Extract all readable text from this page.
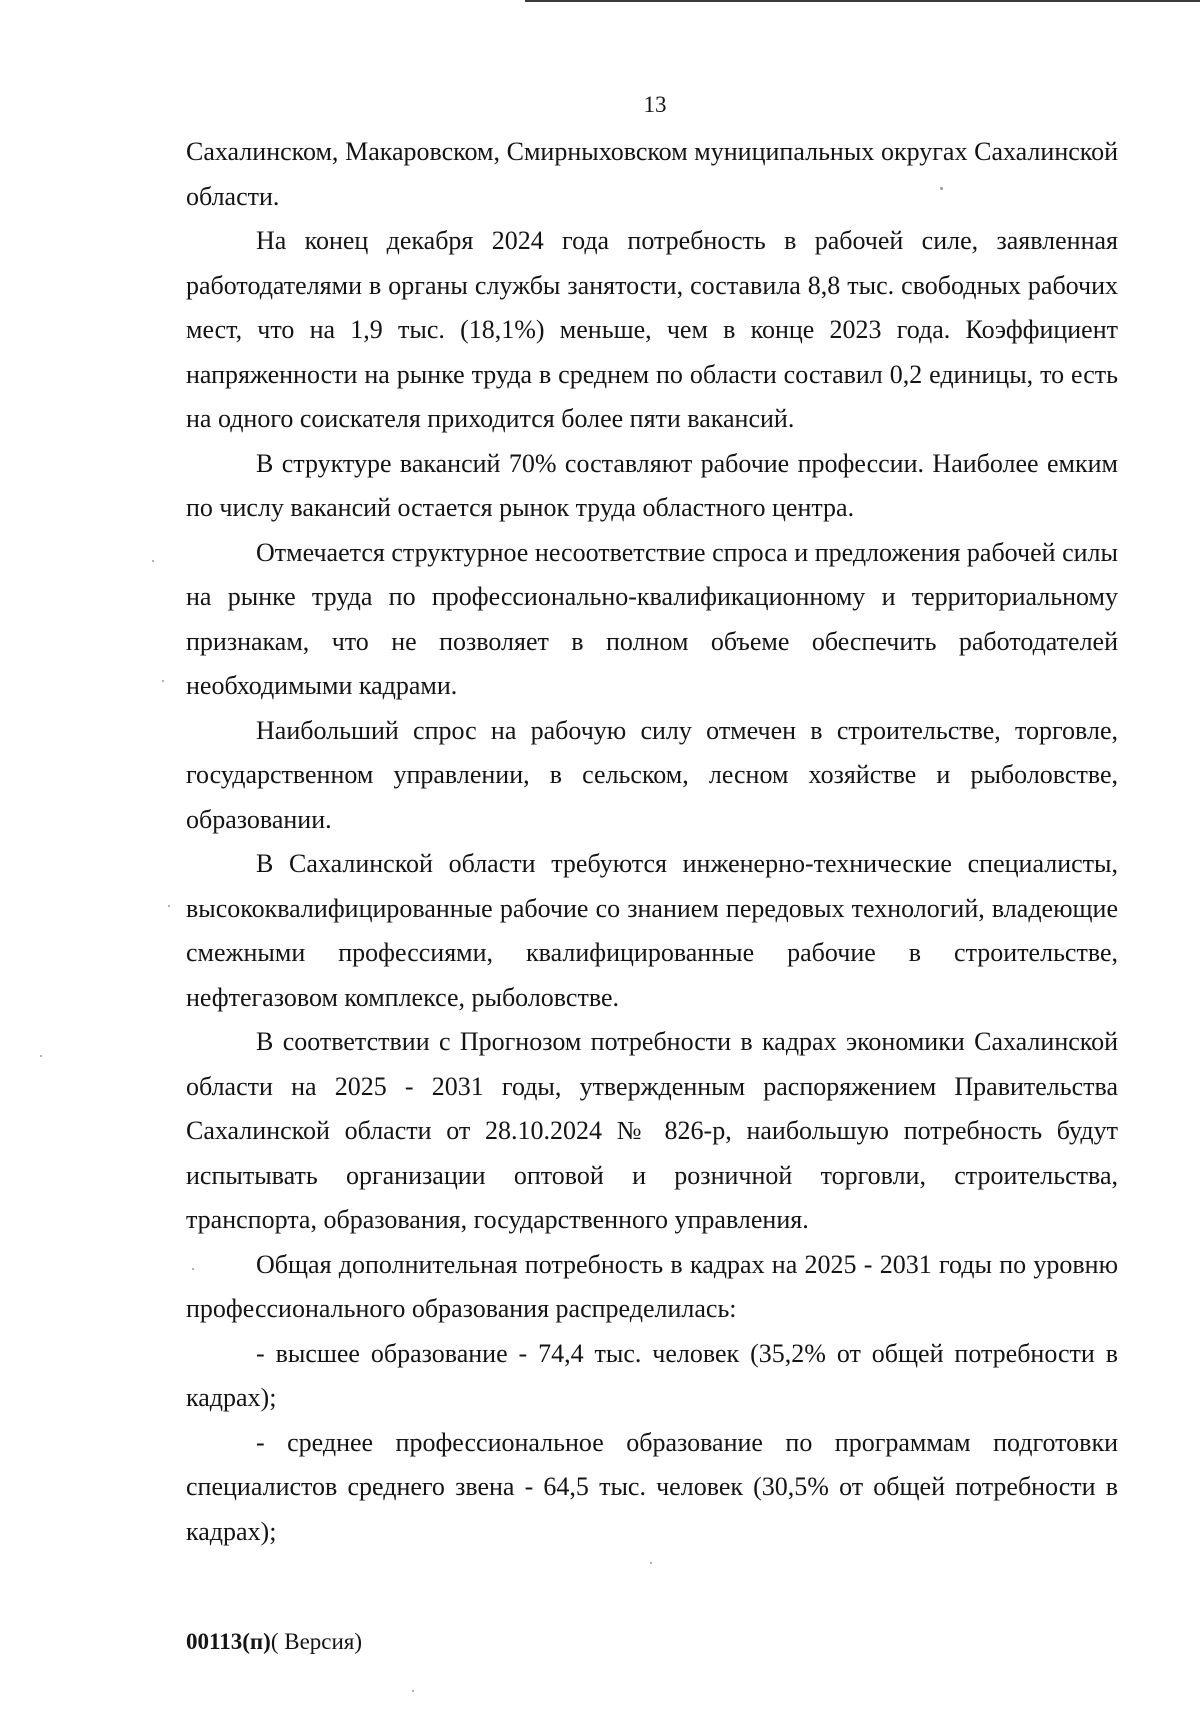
13

Сахалинском, Макаровском, Смирныховском муниципальных округах Сахалинской области.

На конец декабря 2024 года потребность в рабочей силе, заявленная работодателями в органы службы занятости, составила 8,8 тыс. свободных рабочих мест, что на 1,9 тыс. (18,1%) меньше, чем в конце 2023 года. Коэффициент напряженности на рынке труда в среднем по области составил 0,2 единицы, то есть на одного соискателя приходится более пяти вакансий.

В структуре вакансий 70% составляют рабочие профессии. Наиболее емким по числу вакансий остается рынок труда областного центра.

Отмечается структурное несоответствие спроса и предложения рабочей силы на рынке труда по профессионально-квалификационному и территориальному признакам, что не позволяет в полном объеме обеспечить работодателей необходимыми кадрами.

Наибольший спрос на рабочую силу отмечен в строительстве, торговле, государственном управлении, в сельском, лесном хозяйстве и рыболовстве, образовании.

В Сахалинской области требуются инженерно-технические специалисты, высококвалифицированные рабочие со знанием передовых технологий, владеющие смежными профессиями, квалифицированные рабочие в строительстве, нефтегазовом комплексе, рыболовстве.

В соответствии с Прогнозом потребности в кадрах экономики Сахалинской области на 2025 - 2031 годы, утвержденным распоряжением Правительства Сахалинской области от 28.10.2024 № 826-р, наибольшую потребность будут испытывать организации оптовой и розничной торговли, строительства, транспорта, образования, государственного управления.

Общая дополнительная потребность в кадрах на 2025 - 2031 годы по уровню профессионального образования распределилась:

- высшее образование - 74,4 тыс. человек (35,2% от общей потребности в кадрах);

- среднее профессиональное образование по программам подготовки специалистов среднего звена - 64,5 тыс. человек (30,5% от общей потребности в кадрах);

00113(п)( Версия)
